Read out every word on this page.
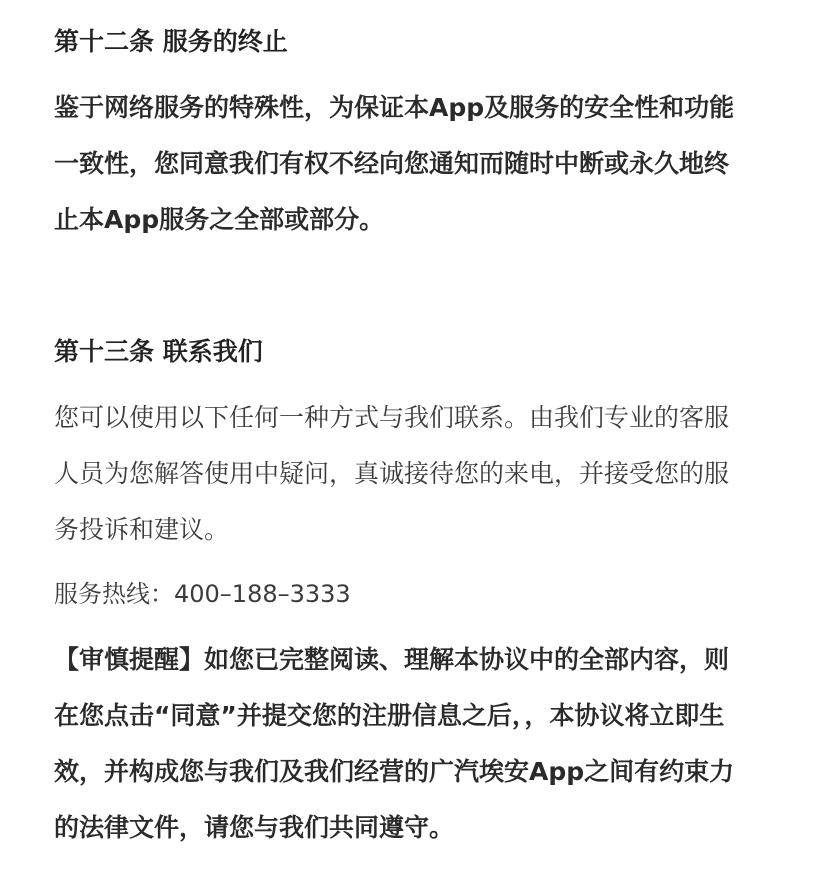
第十二条 服务的终止

鉴于网络服务的特殊性，为保证本App及服务的安全性和功能
一致性，您同意我们有权不经向您通知而随时中断或永久地终
止本App服务之全部或部分。

第十三条 联系我们

您可以使用以下任何一种方式与我们联系。由我们专业的客服
人员为您解答使用中疑问，真诚接待您的来电，并接受您的服
务投诉和建议。

服务热线：400–188–3333

【审慎提醒】如您已完整阅读、理解本协议中的全部内容，则
在您点击“同意”并提交您的注册信息之后，，本协议将立即生
效，并构成您与我们及我们经营的广汽埃安App之间有约束力
的法律文件，请您与我们共同遵守。
